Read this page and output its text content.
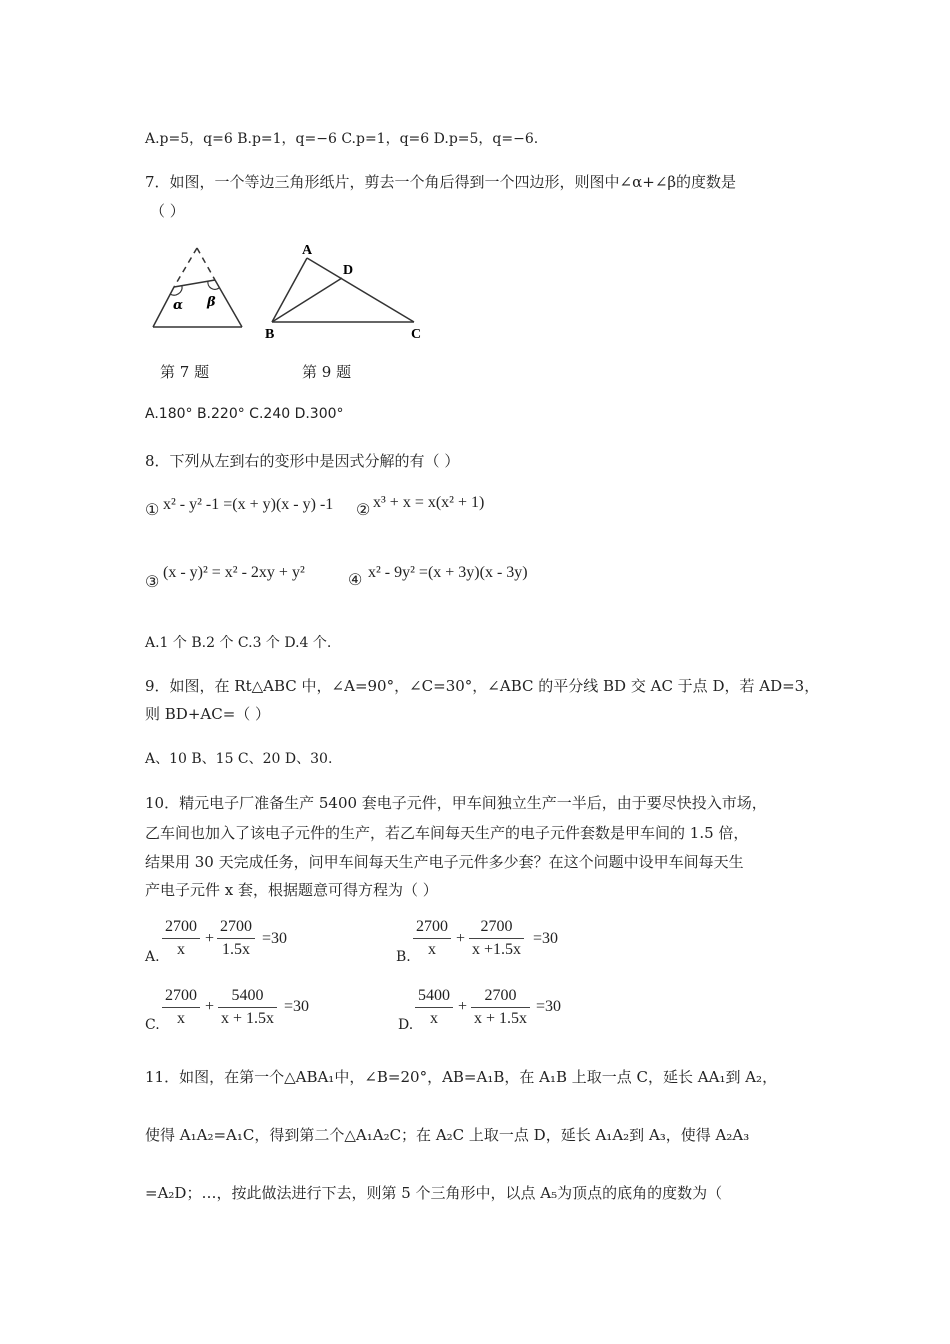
A.p=5，q=6 B.p=1，q=−6 C.p=1，q=6 D.p=5，q=−6.
7．如图，一个等边三角形纸片，剪去一个角后得到一个四边形，则图中∠α+∠β的度数是
（ ）
α β
A
B	C
D
第 7 题	第 9 题
A.180° B.220° C.240 D.300°
8．下列从左到右的变形中是因式分解的有（ ）
① x² - y² -1 =(x + y)(x - y) -1 ② x³ + x = x(x² + 1)
③
(x - y)² = x² - 2xy + y²	④ x² - 9y² =(x + 3y)(x - 3y)
A.1 个 B.2 个 C.3 个 D.4 个.
9．如图，在 Rt△ABC 中，∠A=90°，∠C=30°，∠ABC 的平分线 BD 交 AC 于点 D，若 AD=3，
则 BD+AC=（ ）
A、10 B、15 C、20 D、30.
10．精元电子厂准备生产 5400 套电子元件，甲车间独立生产一半后，由于要尽快投入市场，
乙车间也加入了该电子元件的生产，若乙车间每天生产的电子元件套数是甲车间的 1.5 倍，
结果用 30 天完成任务，问甲车间每天生产电子元件多少套？在这个问题中设甲车间每天生
产电子元件 x 套，根据题意可得方程为（ ）
A.
2700
x
+
2700
1.5x
=30
B.
2700
x
+
2700
x +1.5x
=30
C.
2700
x
+
5400
x + 1.5x
=30
D.
5400
x
+
2700
x + 1.5x
=30
11．如图，在第一个△ABA₁中，∠B=20°，AB=A₁B，在 A₁B 上取一点 C，延长 AA₁到 A₂，
使得 A₁A₂=A₁C，得到第二个△A₁A₂C；在 A₂C 上取一点 D，延长 A₁A₂到 A₃，使得 A₂A₃
=A₂D；…，按此做法进行下去，则第 5 个三角形中，以点 A₅为顶点的底角的度数为（
